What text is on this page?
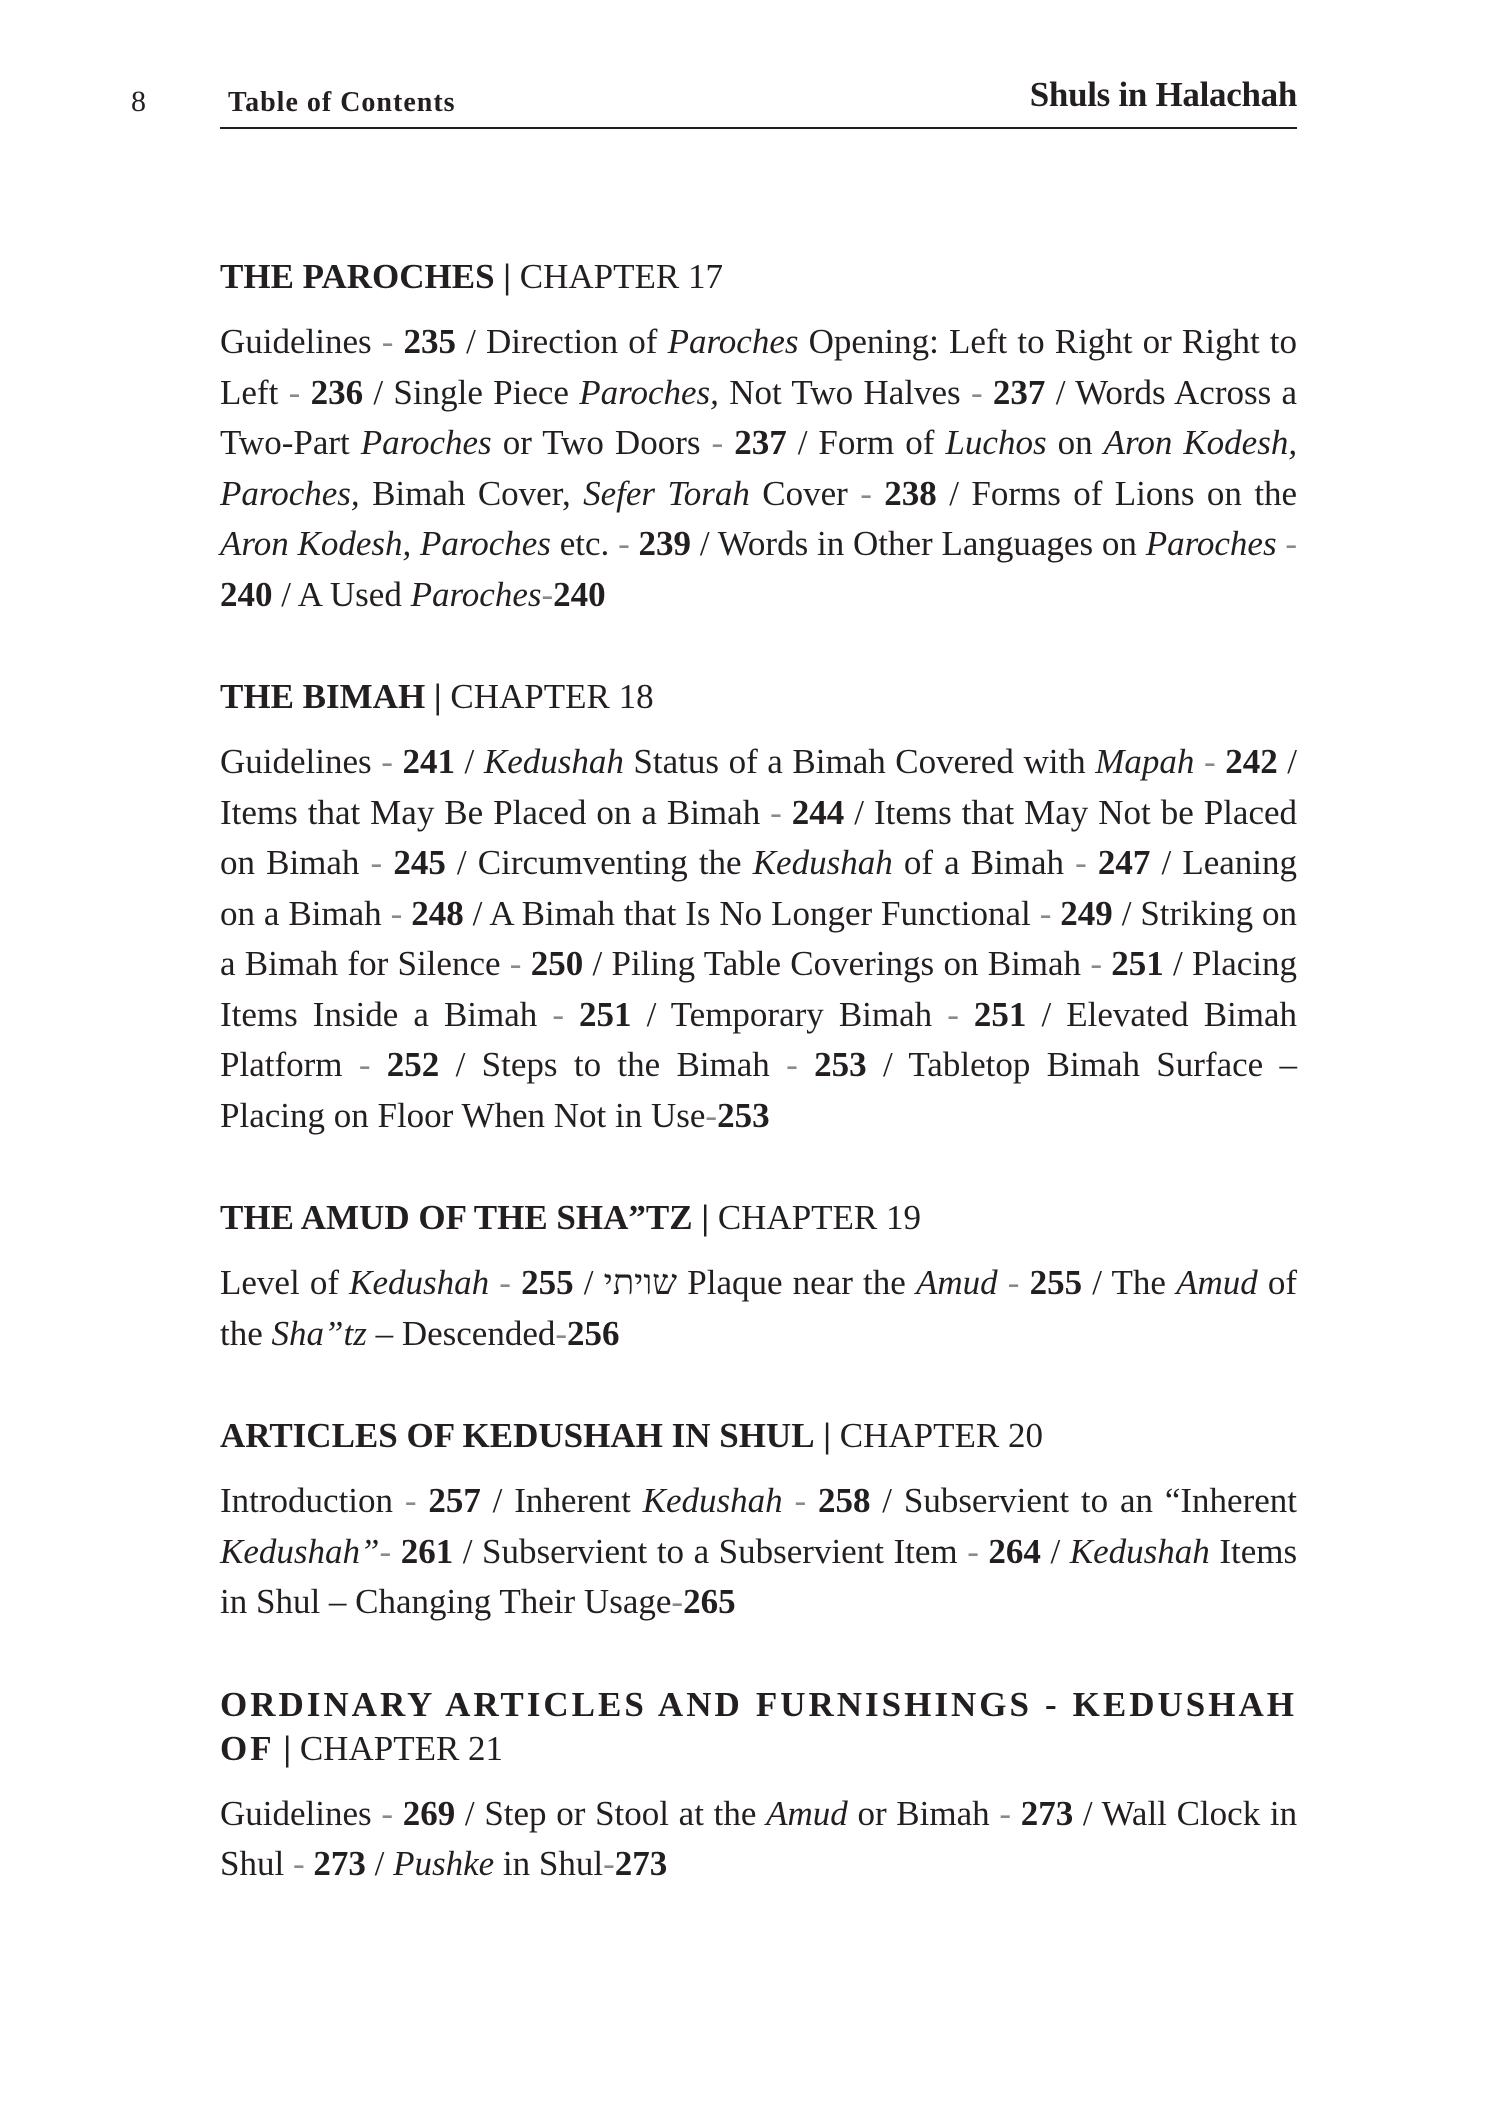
8	Table of Contents	Shuls in Halachah

THE PAROCHES | CHAPTER 17

Guidelines - 235 / Direction of Paroches Opening: Left to Right or Right to Left - 236 / Single Piece Paroches, Not Two Halves - 237 / Words Across a Two-Part Paroches or Two Doors - 237 / Form of Luchos on Aron Kodesh, Paroches, Bimah Cover, Sefer Torah Cover - 238 / Forms of Lions on the Aron Kodesh, Paroches etc. - 239 / Words in Other Languages on Paroches - 240 / A Used Paroches-240

THE BIMAH | CHAPTER 18

Guidelines - 241 / Kedushah Status of a Bimah Covered with Mapah - 242 / Items that May Be Placed on a Bimah - 244 / Items that May Not be Placed on Bimah - 245 / Circumventing the Kedushah of a Bimah - 247 / Leaning on a Bimah - 248 / A Bimah that Is No Longer Functional - 249 / Striking on a Bimah for Silence - 250 / Piling Table Coverings on Bimah - 251 / Placing Items Inside a Bimah - 251 / Temporary Bimah - 251 / Elevated Bimah Platform - 252 / Steps to the Bimah - 253 / Tabletop Bimah Surface – Placing on Floor When Not in Use-253

THE AMUD OF THE SHA”TZ | CHAPTER 19

Level of Kedushah - 255 / שויתי Plaque near the Amud - 255 / The Amud of the Sha”tz – Descended-256

ARTICLES OF KEDUSHAH IN SHUL | CHAPTER 20

Introduction - 257 / Inherent Kedushah - 258 / Subservient to an “Inherent Kedushah”- 261 / Subservient to a Subservient Item - 264 / Kedushah Items in Shul – Changing Their Usage-265

ORDINARY ARTICLES AND FURNISHINGS - KEDUSHAH OF | CHAPTER 21

Guidelines - 269 / Step or Stool at the Amud or Bimah - 273 / Wall Clock in Shul - 273 / Pushke in Shul-273
